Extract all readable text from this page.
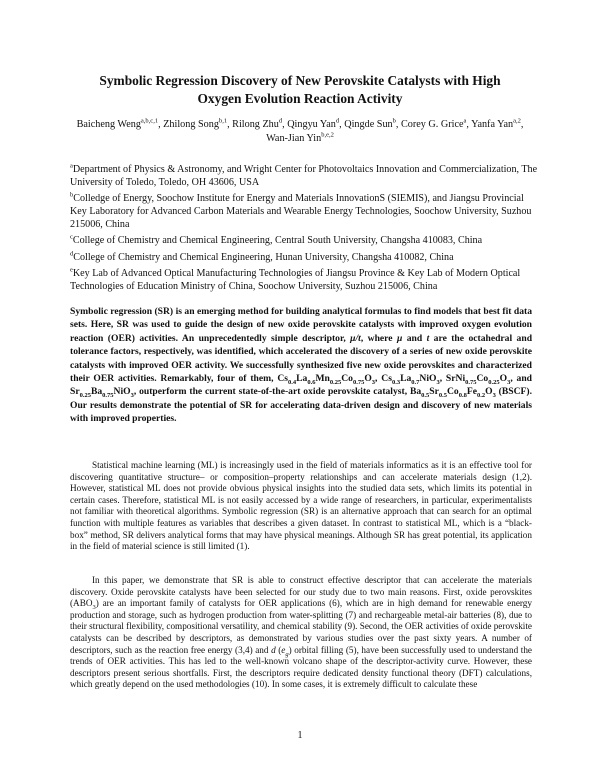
Symbolic Regression Discovery of New Perovskite Catalysts with High
Oxygen Evolution Reaction Activity
Baicheng Weng$^{a,b,c,1}$, Zhilong Song$^{b,1}$, Rilong Zhu$^d$, Qingyu Yan$^d$, Qingde Sun$^b$, Corey G. Grice$^a$, Yanfa Yan$^{a,2}$, Wan-Jian Yin$^{b,e,2}$
$^a$Department of Physics & Astronomy, and Wright Center for Photovoltaics Innovation and Commercialization, The University of Toledo, Toledo, OH 43606, USA
$^b$Colledge of Energy, Soochow Institute for Energy and Materials InnovationS (SIEMIS), and Jiangsu Provincial Key Laboratory for Advanced Carbon Materials and Wearable Energy Technologies, Soochow University, Suzhou 215006, China
$^c$College of Chemistry and Chemical Engineering, Central South University, Changsha 410083, China
$^d$College of Chemistry and Chemical Engineering, Hunan University, Changsha 410082, China
$^e$Key Lab of Advanced Optical Manufacturing Technologies of Jiangsu Province & Key Lab of Modern Optical Technologies of Education Ministry of China, Soochow University, Suzhou 215006, China
Symbolic regression (SR) is an emerging method for building analytical formulas to find models that best fit data sets. Here, SR was used to guide the design of new oxide perovskite catalysts with improved oxygen evolution reaction (OER) activities. An unprecedentedly simple descriptor, μ/t, where μ and t are the octahedral and tolerance factors, respectively, was identified, which accelerated the discovery of a series of new oxide perovskite catalysts with improved OER activity. We successfully synthesized five new oxide perovskites and characterized their OER activities. Remarkably, four of them, $Cs_{0.4}La_{0.6}Mn_{0.25}Co_{0.75}O_3$, $Cs_{0.3}La_{0.7}NiO_3$, $SrNi_{0.75}Co_{0.25}O_3$, and $Sr_{0.25}Ba_{0.75}NiO_3$, outperform the current state-of-the-art oxide perovskite catalyst, $Ba_{0.5}Sr_{0.5}Co_{0.8}Fe_{0.2}O_3$ (BSCF). Our results demonstrate the potential of SR for accelerating data-driven design and discovery of new materials with improved properties.

Statistical machine learning (ML) is increasingly used in the field of materials informatics as it is an effective tool for discovering quantitative structure– or composition–property relationships and can accelerate materials design (1,2). However, statistical ML does not provide obvious physical insights into the studied data sets, which limits its potential in certain cases. Therefore, statistical ML is not easily accessed by a wide range of researchers, in particular, experimentalists not familiar with theoretical algorithms. Symbolic regression (SR) is an alternative approach that can search for an optimal function with multiple features as variables that describes a given dataset. In contrast to statistical ML, which is a “black-box” method, SR delivers analytical forms that may have physical meanings. Although SR has great potential, its application in the field of material science is still limited (1).

In this paper, we demonstrate that SR is able to construct effective descriptor that can accelerate the materials discovery. Oxide perovskite catalysts have been selected for our study due to two main reasons. First, oxide perovskites $(ABO_3)$ are an important family of catalysts for OER applications (6), which are in high demand for renewable energy production and storage, such as hydrogen production from water-splitting (7) and rechargeable metal-air batteries (8), due to their structural flexibility, compositional versatility, and chemical stability (9). Second, the OER activities of oxide perovskite catalysts can be described by descriptors, as demonstrated by various studies over the past sixty years. A number of descriptors, such as the reaction free energy (3,4) and d $(e_g)$ orbital filling (5), have been successfully used to understand the trends of OER activities. This has led to the well-known volcano shape of the descriptor-activity curve. However, these descriptors present serious shortfalls. First, the descriptors require dedicated density functional theory (DFT) calculations, which greatly depend on the used methodologies (10). In some cases, it is extremely difficult to calculate these

1
